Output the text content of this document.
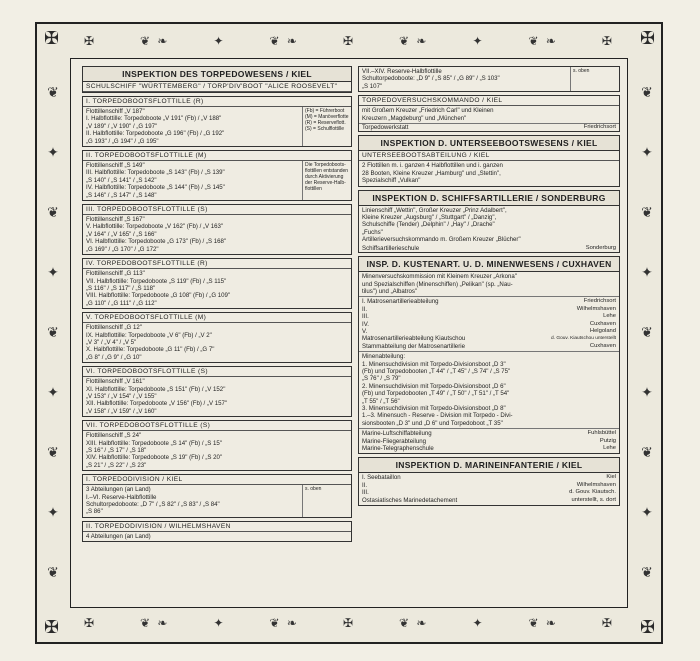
✠	❦ ❧	✦	❦ ❧	✠	❦ ❧	✦	❦ ❧	✠
✠	❦ ❧	✦	❦ ❧	✠	❦ ❧	✦	❦ ❧	✠
❦
✦
❦
✦
❦
✦
❦
✦
❦
❦
✦
❦
✦
❦
✦
❦
✦
❦
✠	✠
✠	✠
INSPEKTION DES TORPEDOWESENS / KIEL
SCHULSCHIFF "WÜRTTEMBERG" / TORP'DIV'BOOT "ALICE ROOSEVELT"
I. TORPEDOBOOTSFLOTTILLE (R)
Flottillenschiff „V 187"
I. Halbflottille: Torpedoboote „V 191" (Fb) / „V 188"
„V 189" / „V 190" / „G 197"
II. Halbflottille: Torpedoboote „G 196" (Fb) / „G 192"
„G 193" / „G 194" / „G 195"
(Fb) = Führerboot (M) = Manöverflotte (R) = Reserveflott. (S) = Schulflottille
II. TORPEDOBOOTSFLOTTILLE (M)
Flottillenschiff „S 149"
III. Halbflottille: Torpedoboote „S 143" (Fb) / „S 139"
„S 140" / „S 141" / „S 142"
IV. Halbflottille: Torpedoboote „S 144" (Fb) / „S 145"
„S 146" / „S 147" / „S 148"
Die Torpedoboots-flottillen entstanden durch Aktivierung der Reserve-Halb-flottillen
III. TORPEDOBOOTSFLOTTILLE (S)
Flottillenschiff „S 167"
V. Halbflottille: Torpedoboote „V 162" (Fb) / „V 163"
„V 164" / „V 165" / „S 166"
VI. Halbflottille: Torpedoboote „G 173" (Fb) / „S 168"
„G 169" / „G 170" / „G 172"
IV. TORPEDOBOOTSFLOTTILLE (R)
Flottillenschiff „G 113"
VII. Halbflottille: Torpedoboote „S 119" (Fb) / „S 115"
„S 116" / „S 117" / „S 118"
VIII. Halbflottille: Torpedoboote „G 108" (Fb) / „G 109"
„G 110" / „G 111" / „G 112"
V. TORPEDOBOOTSFLOTTILLE (M)
Flottillenschiff „G 12"
IX. Halbflottille: Torpedoboote „V 6" (Fb) / „V 2"
„V 3" / „V 4" / „V 5"
X. Halbflottille: Torpedoboote „G 11" (Fb) / „G 7"
„G 8" / „G 9" / „G 10"
VI. TORPEDOBOOTSFLOTTILLE (S)
Flottillenschiff „V 161"
XI. Halbflottille: Torpedoboote „S 151" (Fb) / „V 152"
„V 153" / „V 154" / „V 155"
XII. Halbflottille: Torpedoboote „V 156" (Fb) / „V 157"
„V 158" / „V 159" / „V 160"
VII. TORPEDOBOOTSFLOTTILLE (S)
Flottillenschiff „S 24"
XIII. Halbflottille: Torpedoboote „S 14" (Fb) / „S 15"
„S 16" / „S 17" / „S 18"
XIV. Halbflottille: Torpedoboote „S 19" (Fb) / „S 20"
„S 21" / „S 22" / „S 23"
I. TORPEDODIVISION / KIEL
3 Abteilungen (an Land)
I.–VI. Reserve-Halbflottille
Schultorpedoboote: „D 7" / „S 82" / „S 83" / „S 84"
„S 86"
s. oben
II. TORPEDODIVISION / WILHELMSHAVEN
4 Abteilungen (an Land)
VII.–XIV. Reserve-Halbflottille
Schultorpedoboote: „D 9" / „S 85" / „G 89" / „S 103"
„S 107"
s. oben
TORPEDOVERSUCHSKOMMANDO / KIEL
mit Großem Kreuzer „Friedrich Carl" und Kleinen
Kreuzern „Magdeburg" und „München"
Torpedowerkstatt	Friedrichsort
INSPEKTION D. UNTERSEEBOOTSWESENS / KIEL
UNTERSEEBOOTSABTEILUNG / KIEL
2 Flottillen m. i. ganzen 4 Halbflottillen und i. ganzen
28 Booten, Kleine Kreuzer „Hamburg" und „Stettin",
Spezialschiff „Vulkan"
INSPEKTION D. SCHIFFSARTILLERIE / SONDERBURG
Linienschiff „Wettin", Großer Kreuzer „Prinz Adalbert",
Kleine Kreuzer „Augsburg" / „Stuttgart" / „Danzig",
Schulschiffe (Tender) „Delphin" / „Hay" / „Drache"
„Fuchs"
Artillerieversuchskommando m. Großem Kreuzer „Blücher"
Schiffsartillerieschule	Sonderburg
INSP. D. KUSTENART. U. D. MINENWESENS / CUXHAVEN
Minenversuchskommission mit Kleinem Kreuzer „Arkona"
und Spezialschiffen (Minenschiffen) „Pelikan" (sp. „Nau-
tilus") und „Albatros"
I. Matrosenartillerieabteilung	Friedrichsort
II.	Wilhelmshaven
III.	Lehe
IV.	Cuxhaven
V.	Helgoland
Matrosenartillerieabteilung Kiautschou	d. Gouv. Kiautschou unterstellt
Stammabteilung der Matrosenartillerie	Cuxhaven
Minenabteilung:
1. Minensuchdivision mit Torpedo-Divisionsboot „D 3"
(Fb) und Torpedobooten „T 44" / „T 45" / „S 74" / „S 75"
„S 76" / „S 79"
2. Minensuchdivision mit Torpedo-Divisionsboot „D 6"
(Fb) und Torpedobooten „T 49" / „T 50" / „T 51" / „T 54"
„T 55" / „T 56"
3. Minensuchdivision mit Torpedo-Divisionsboot „D 8"
1.–3. Minensuch - Reserve - Division mit Torpedo - Divi-
sionsbooten „D 3" und „D 6" und Torpedoboot „T 35"
Marine-Luftschiffabteilung	Fuhlsbüttel
Marine-Fliegerabteilung	Putzig
Marine-Telegraphenschule	Lehe
INSPEKTION D. MARINEINFANTERIE / KIEL
I. Seebataillon	Kiel
II.	Wilhelmshaven
III.	d. Gouv. Kiautsch.
Ostasiatisches Marinedetachement	unterstellt, s. dort
